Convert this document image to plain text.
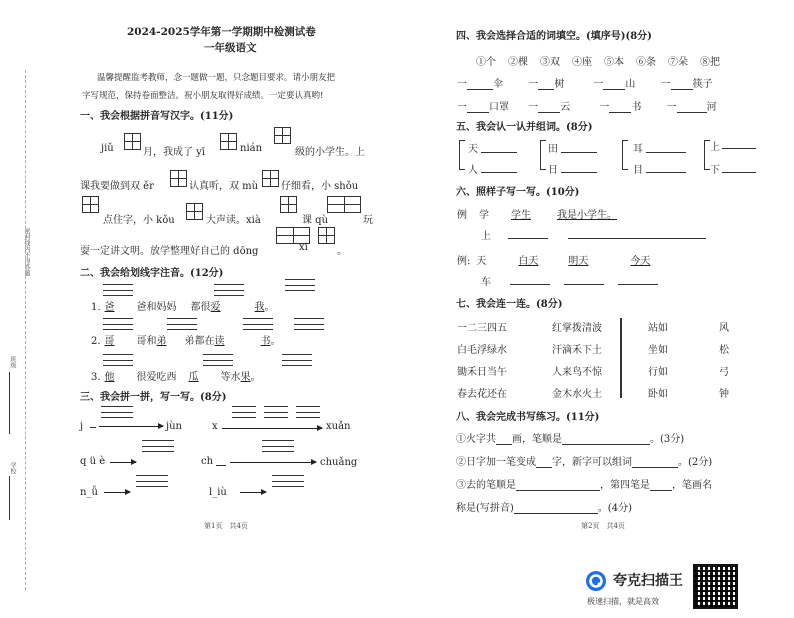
密封线内不得答题
班级
学校
2024-2025学年第一学期期中检测试卷
一年级语文
温馨提醒监考教师，念一题做一题，只念题目要求。请小朋友把
字写规范，保持卷面整洁。祝小朋友取得好成绩。一定要认真哟!
一、我会根据拼音写汉字。(11分)
jiǔ	月，我成了 yī	nián	级的小学生。上
课我要做到双 ěr	认真听，双 mù 仔细看，小 shǒu
点住字，小 kǒu	大声读。xià	课 qù	玩
耍一定讲文明。放学整理好自己的 dōng	xi	。
二、我会给划线字注音。(12分)
1. 爸 爸和妈妈 都很爱	我。
2. 哥 哥和弟 弟都在读	书。
3. 他 很爱吃西 瓜 等水果。
三、我会拼一拼，写一写。(8分)
j	jùn	x	xuǎn
q ü è	ch	chuǎng
n_ǚ	l_iù
第1页　共4页
四、我会选择合适的词填空。(填序号)(8分)
①个 ②棵 ③双 ④座 ⑤本 ⑥条 ⑦朵 ⑧把
一	伞	一 树	一 山	一 筷子
一 口罩 一 云	一 书	一	河
五、我会认一认并组词。(8分)
天
人
田
日
耳
目
上
下
六、照样子写一写。(10分)
例 学 学生	我是小学生。
上
例: 天	白天	明天	今天
车
七、我会连一连。(8分)
一二三四五
白毛浮绿水
锄禾日当午
春去花还在
红掌拨清波
汗滴禾下土
人来鸟不惊
金木水火土
站如
坐如
行如
卧如
风
松
弓
钟
八、我会完成书写练习。(11分)
①火字共 画，笔顺是	。(3分)
②日字加一笔变成 字，新字可以组词	。(2分)
③去的笔顺是	，第四笔是 ，笔画名
称是(写拼音)	。(4分)
第2页　共4页
夸克扫描王
极速扫描，就是高效
